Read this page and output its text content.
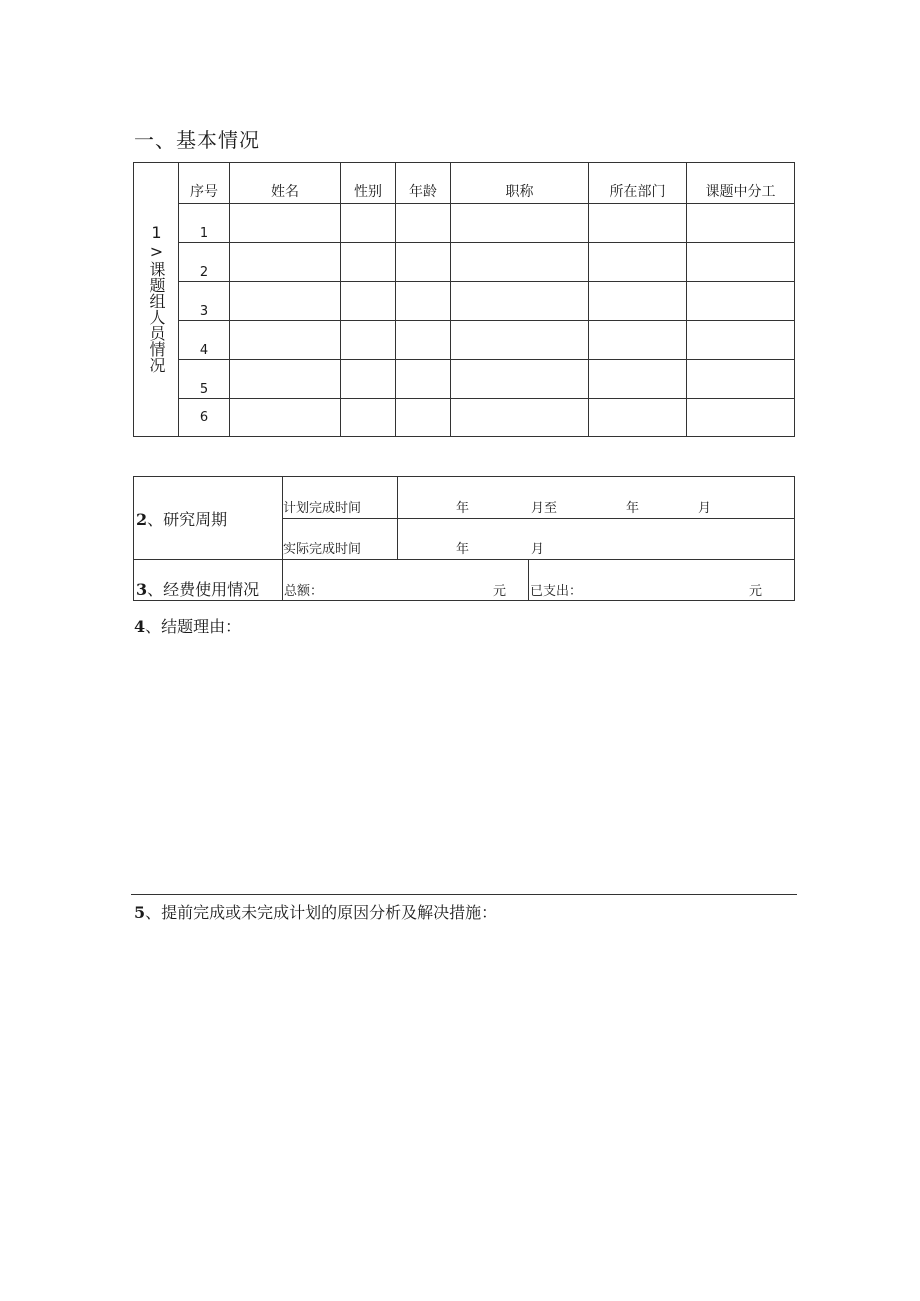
一、基本情况
1>课题组人员情况	序号	姓名	性别	年龄	职称	所在部门	课题中分工
	1						
	2						
	3						
	4						
	5						
	6						
2、研究周期	计划完成时间	年 月至 年 月	

	实际完成时间	年 月	

3、经费使用情况	总额： 元		已支出： 元
4、结题理由：
5、提前完成或未完成计划的原因分析及解决措施：
